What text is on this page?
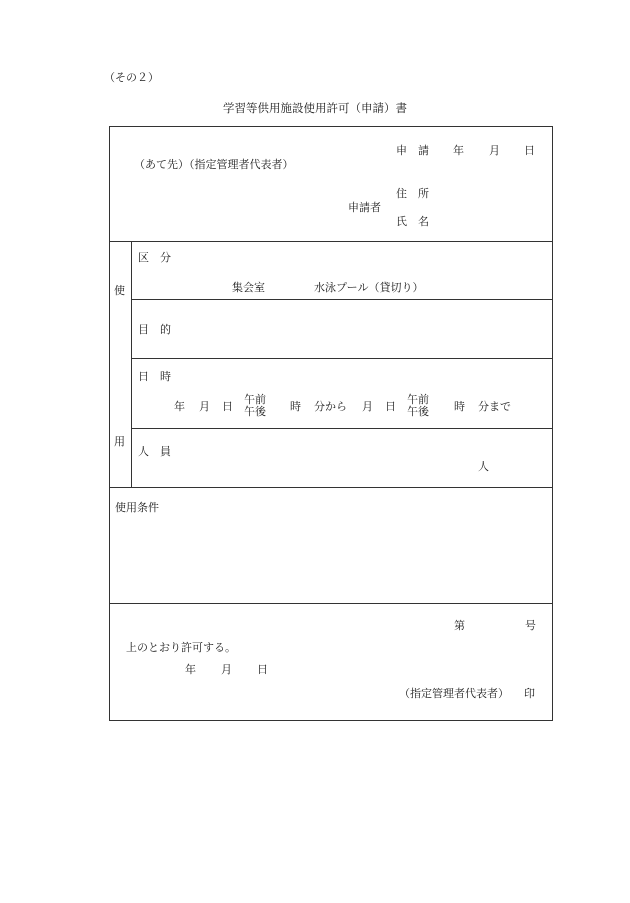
（その２）
学習等供用施設使用許可（申請）書
申　請 年 月 日
（あて先）（指定管理者代表者）
住　所
申請者
氏　名
使
用
区　分
集会室	水泳プール（貸切り）
目　的
日　時
年 月 日
午前
午後 時 分から 月 日
午前
午後 時 分まで
人　員
人
使用条件
第	号
上のとおり許可する。
年 月 日
（指定管理者代表者） 印
